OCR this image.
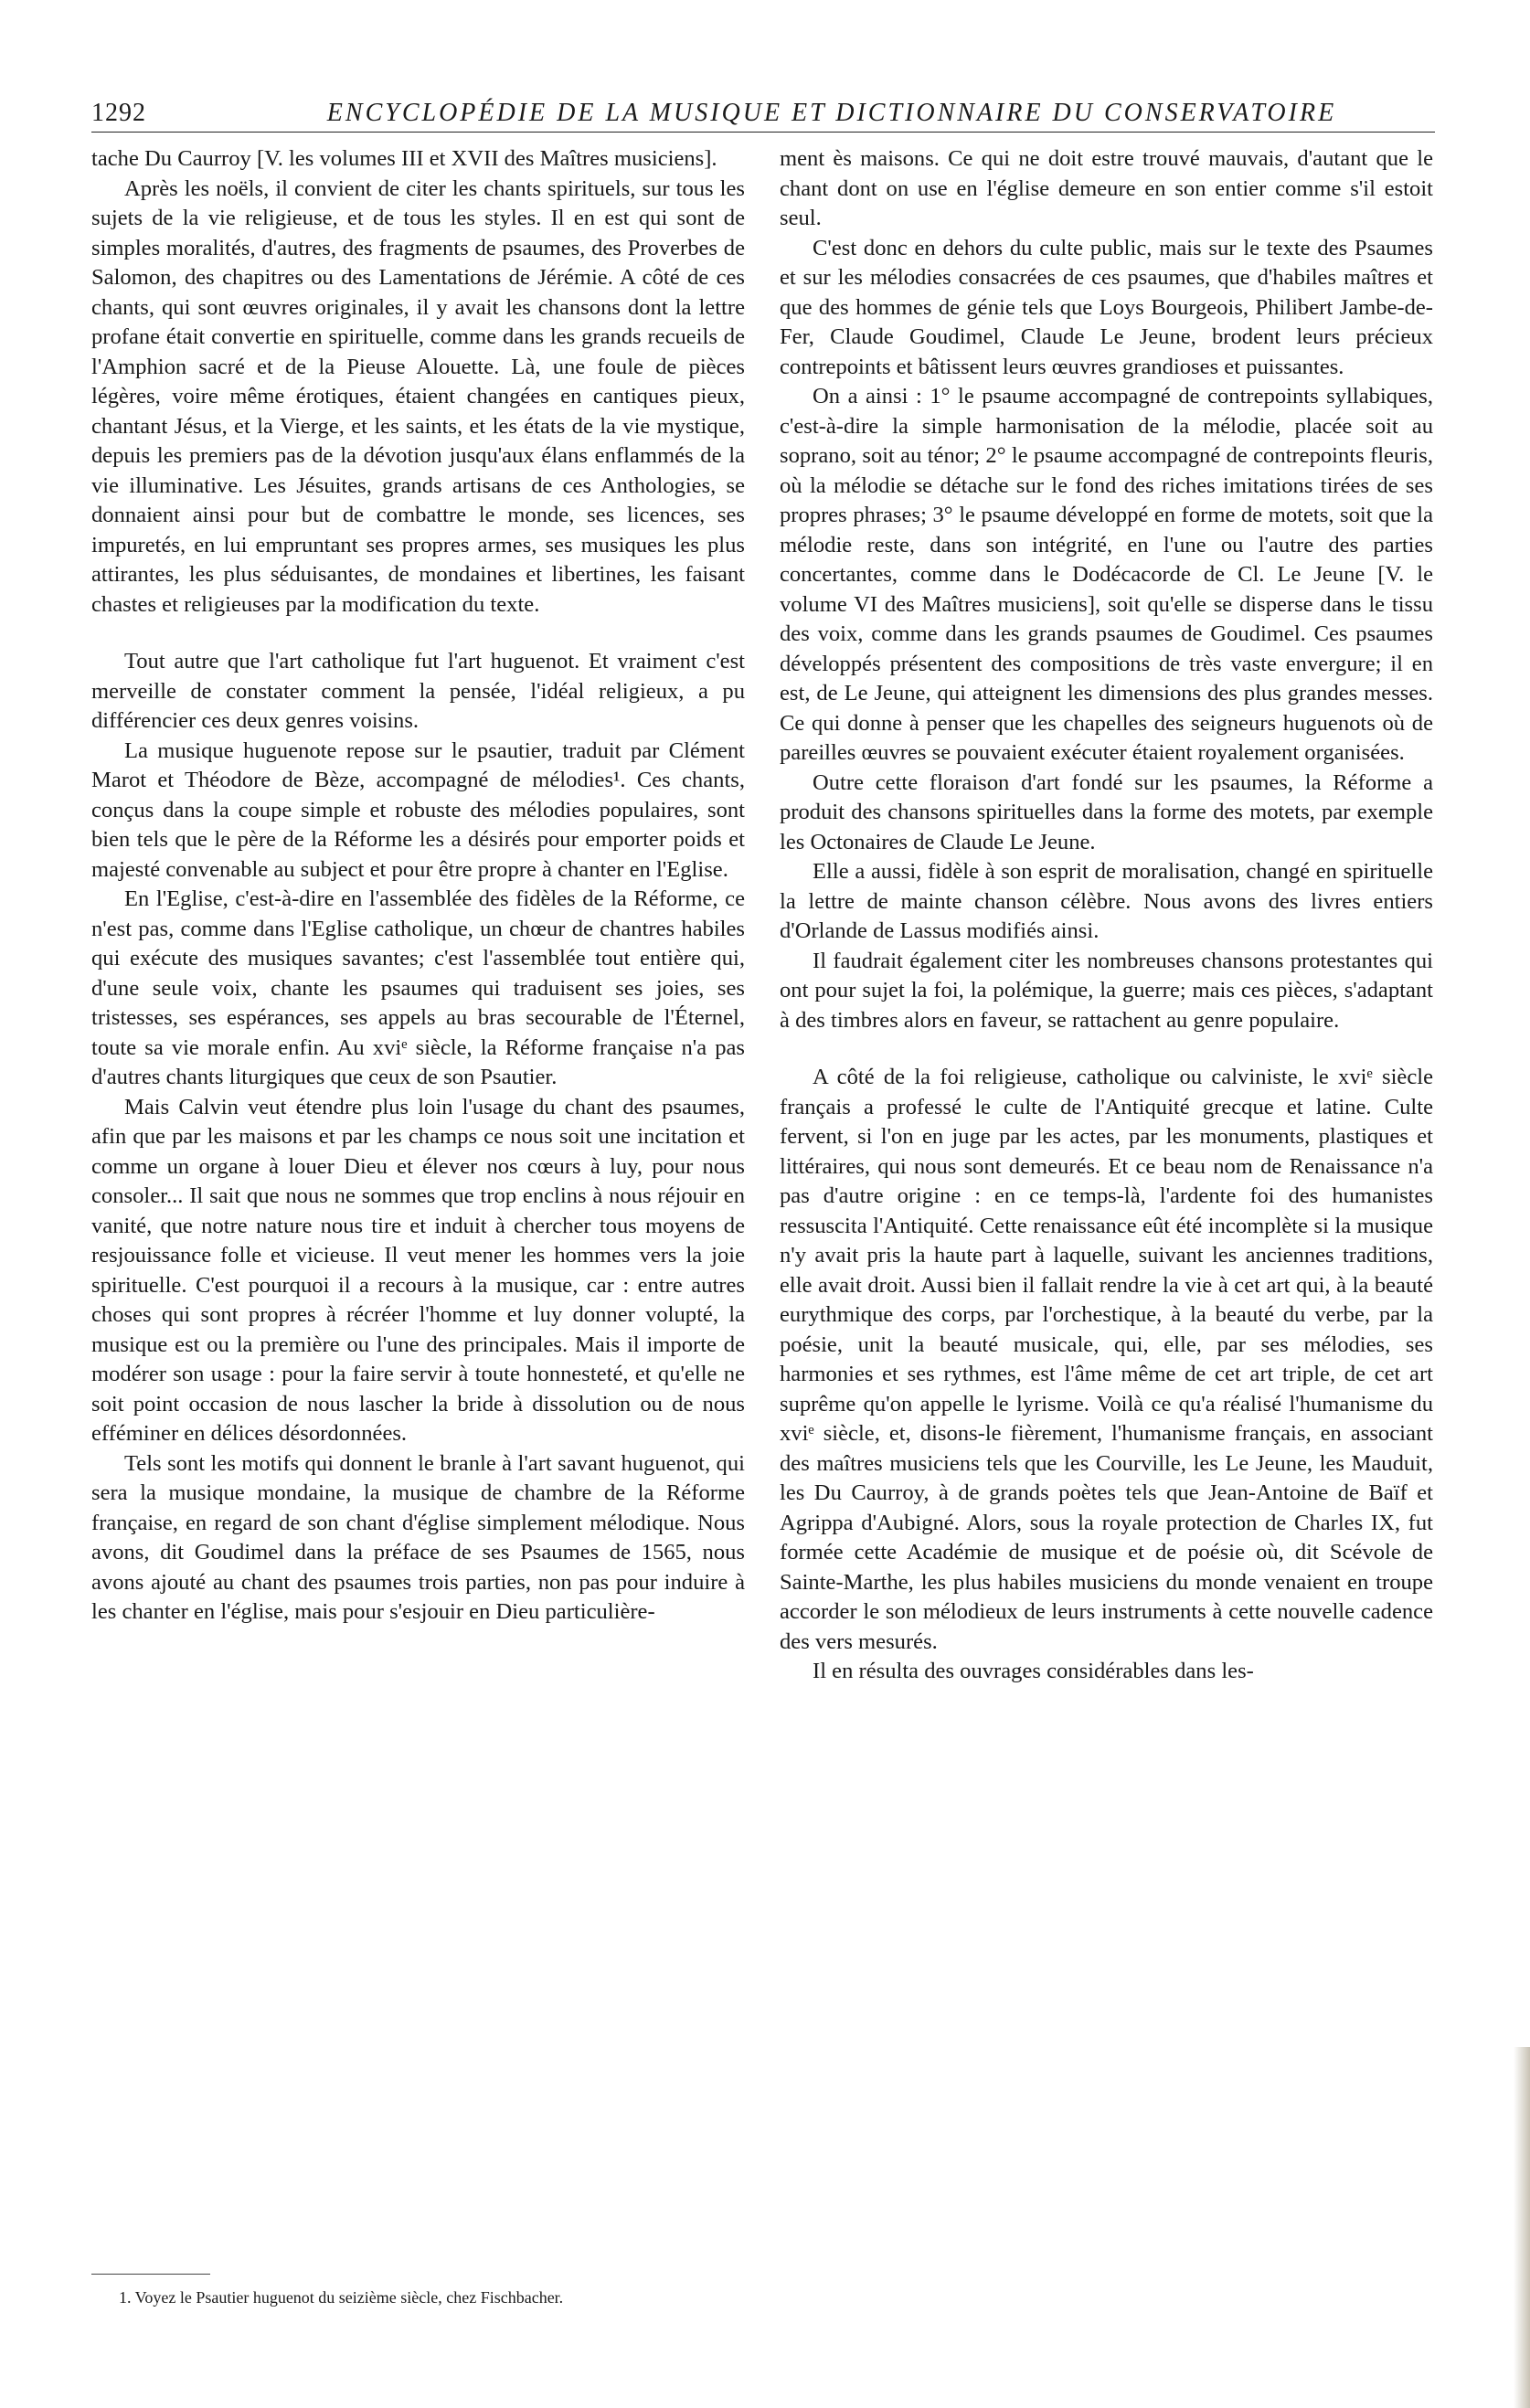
1292	ENCYCLOPÉDIE DE LA MUSIQUE ET DICTIONNAIRE DU CONSERVATOIRE

tache Du Caurroy [V. les volumes III et XVII des Maîtres musiciens].

Après les noëls, il convient de citer les chants spirituels, sur tous les sujets de la vie religieuse, et de tous les styles. Il en est qui sont de simples moralités, d'autres, des fragments de psaumes, des Proverbes de Salomon, des chapitres ou des Lamentations de Jérémie. A côté de ces chants, qui sont œuvres originales, il y avait les chansons dont la lettre profane était convertie en spirituelle, comme dans les grands recueils de l'Amphion sacré et de la Pieuse Alouette. Là, une foule de pièces légères, voire même érotiques, étaient changées en cantiques pieux, chantant Jésus, et la Vierge, et les saints, et les états de la vie mystique, depuis les premiers pas de la dévotion jusqu'aux élans enflammés de la vie illuminative. Les Jésuites, grands artisans de ces Anthologies, se donnaient ainsi pour but de combattre le monde, ses licences, ses impuretés, en lui empruntant ses propres armes, ses musiques les plus attirantes, les plus séduisantes, de mondaines et libertines, les faisant chastes et religieuses par la modification du texte.

Tout autre que l'art catholique fut l'art huguenot. Et vraiment c'est merveille de constater comment la pensée, l'idéal religieux, a pu différencier ces deux genres voisins.

La musique huguenote repose sur le psautier, traduit par Clément Marot et Théodore de Bèze, accompagné de mélodies¹. Ces chants, conçus dans la coupe simple et robuste des mélodies populaires, sont bien tels que le père de la Réforme les a désirés pour emporter poids et majesté convenable au subject et pour être propre à chanter en l'Eglise.

En l'Eglise, c'est-à-dire en l'assemblée des fidèles de la Réforme, ce n'est pas, comme dans l'Eglise catholique, un chœur de chantres habiles qui exécute des musiques savantes; c'est l'assemblée tout entière qui, d'une seule voix, chante les psaumes qui traduisent ses joies, ses tristesses, ses espérances, ses appels au bras secourable de l'Éternel, toute sa vie morale enfin. Au xviᵉ siècle, la Réforme française n'a pas d'autres chants liturgiques que ceux de son Psautier.

Mais Calvin veut étendre plus loin l'usage du chant des psaumes, afin que par les maisons et par les champs ce nous soit une incitation et comme un organe à louer Dieu et élever nos cœurs à luy, pour nous consoler... Il sait que nous ne sommes que trop enclins à nous réjouir en vanité, que notre nature nous tire et induit à chercher tous moyens de resjouissance folle et vicieuse. Il veut mener les hommes vers la joie spirituelle. C'est pourquoi il a recours à la musique, car : entre autres choses qui sont propres à récréer l'homme et luy donner volupté, la musique est ou la première ou l'une des principales. Mais il importe de modérer son usage : pour la faire servir à toute honnesteté, et qu'elle ne soit point occasion de nous lascher la bride à dissolution ou de nous efféminer en délices désordonnées.

Tels sont les motifs qui donnent le branle à l'art savant huguenot, qui sera la musique mondaine, la musique de chambre de la Réforme française, en regard de son chant d'église simplement mélodique. Nous avons, dit Goudimel dans la préface de ses Psaumes de 1565, nous avons ajouté au chant des psaumes trois parties, non pas pour induire à les chanter en l'église, mais pour s'esjouir en Dieu particulière-

1. Voyez le Psautier huguenot du seizième siècle, chez Fischbacher.

ment ès maisons. Ce qui ne doit estre trouvé mauvais, d'autant que le chant dont on use en l'église demeure en son entier comme s'il estoit seul.

C'est donc en dehors du culte public, mais sur le texte des Psaumes et sur les mélodies consacrées de ces psaumes, que d'habiles maîtres et que des hommes de génie tels que Loys Bourgeois, Philibert Jambe-de-Fer, Claude Goudimel, Claude Le Jeune, brodent leurs précieux contrepoints et bâtissent leurs œuvres grandioses et puissantes.

On a ainsi : 1° le psaume accompagné de contrepoints syllabiques, c'est-à-dire la simple harmonisation de la mélodie, placée soit au soprano, soit au ténor; 2° le psaume accompagné de contrepoints fleuris, où la mélodie se détache sur le fond des riches imitations tirées de ses propres phrases; 3° le psaume développé en forme de motets, soit que la mélodie reste, dans son intégrité, en l'une ou l'autre des parties concertantes, comme dans le Dodécacorde de Cl. Le Jeune [V. le volume VI des Maîtres musiciens], soit qu'elle se disperse dans le tissu des voix, comme dans les grands psaumes de Goudimel. Ces psaumes développés présentent des compositions de très vaste envergure; il en est, de Le Jeune, qui atteignent les dimensions des plus grandes messes. Ce qui donne à penser que les chapelles des seigneurs huguenots où de pareilles œuvres se pouvaient exécuter étaient royalement organisées.

Outre cette floraison d'art fondé sur les psaumes, la Réforme a produit des chansons spirituelles dans la forme des motets, par exemple les Octonaires de Claude Le Jeune.

Elle a aussi, fidèle à son esprit de moralisation, changé en spirituelle la lettre de mainte chanson célèbre. Nous avons des livres entiers d'Orlande de Lassus modifiés ainsi.

Il faudrait également citer les nombreuses chansons protestantes qui ont pour sujet la foi, la polémique, la guerre; mais ces pièces, s'adaptant à des timbres alors en faveur, se rattachent au genre populaire.

A côté de la foi religieuse, catholique ou calviniste, le xviᵉ siècle français a professé le culte de l'Antiquité grecque et latine. Culte fervent, si l'on en juge par les actes, par les monuments, plastiques et littéraires, qui nous sont demeurés. Et ce beau nom de Renaissance n'a pas d'autre origine : en ce temps-là, l'ardente foi des humanistes ressuscita l'Antiquité. Cette renaissance eût été incomplète si la musique n'y avait pris la haute part à laquelle, suivant les anciennes traditions, elle avait droit. Aussi bien il fallait rendre la vie à cet art qui, à la beauté eurythmique des corps, par l'orchestique, à la beauté du verbe, par la poésie, unit la beauté musicale, qui, elle, par ses mélodies, ses harmonies et ses rythmes, est l'âme même de cet art triple, de cet art suprême qu'on appelle le lyrisme. Voilà ce qu'a réalisé l'humanisme du xviᵉ siècle, et, disons-le fièrement, l'humanisme français, en associant des maîtres musiciens tels que les Courville, les Le Jeune, les Mauduit, les Du Caurroy, à de grands poètes tels que Jean-Antoine de Baïf et Agrippa d'Aubigné. Alors, sous la royale protection de Charles IX, fut formée cette Académie de musique et de poésie où, dit Scévole de Sainte-Marthe, les plus habiles musiciens du monde venaient en troupe accorder le son mélodieux de leurs instruments à cette nouvelle cadence des vers mesurés.

Il en résulta des ouvrages considérables dans les-
